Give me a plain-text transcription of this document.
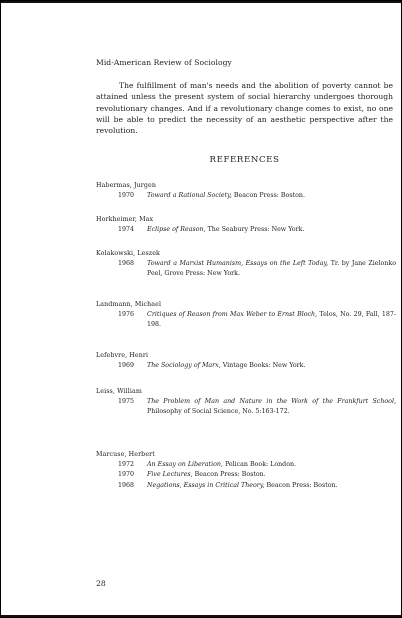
Mid-American Review of Sociology

The fulfillment of man's needs and the abolition of poverty cannot be attained unless the present system of social hierarchy undergoes thorough revolutionary changes. And if a revolutionary change comes to exist, no one will be able to predict the necessity of an aesthetic perspective after the revolution.

REFERENCES
Habermas, Jurgen
1970 Toward a Rational Society, Beacon Press: Boston.
Horkheimer, Max
1974 Eclipse of Reason, The Seabury Press: New York.
Kolakowski, Leszek
1968 Toward a Marxist Humanism, Essays on the Left Today, Tr. by Jane Zielonko Peel, Grove Press: New York.
Landmann, Michael
1976 Critiques of Reason from Max Weber to Ernst Bloch, Telos, No. 29, Fall, 187-198.
Lefebvre, Henri
1969 The Sociology of Marx, Vintage Books: New York.
Leiss, William
1975 The Problem of Man and Nature in the Work of the Frankfurt School, Philosophy of Social Science, No. 5:163-172.
Marcuse, Herbert
1972 An Essay on Liberation, Pelican Book: London.
1970 Five Lectures, Beacon Press: Boston.
1968 Negations, Essays in Critical Theory, Beacon Press: Boston.
28
